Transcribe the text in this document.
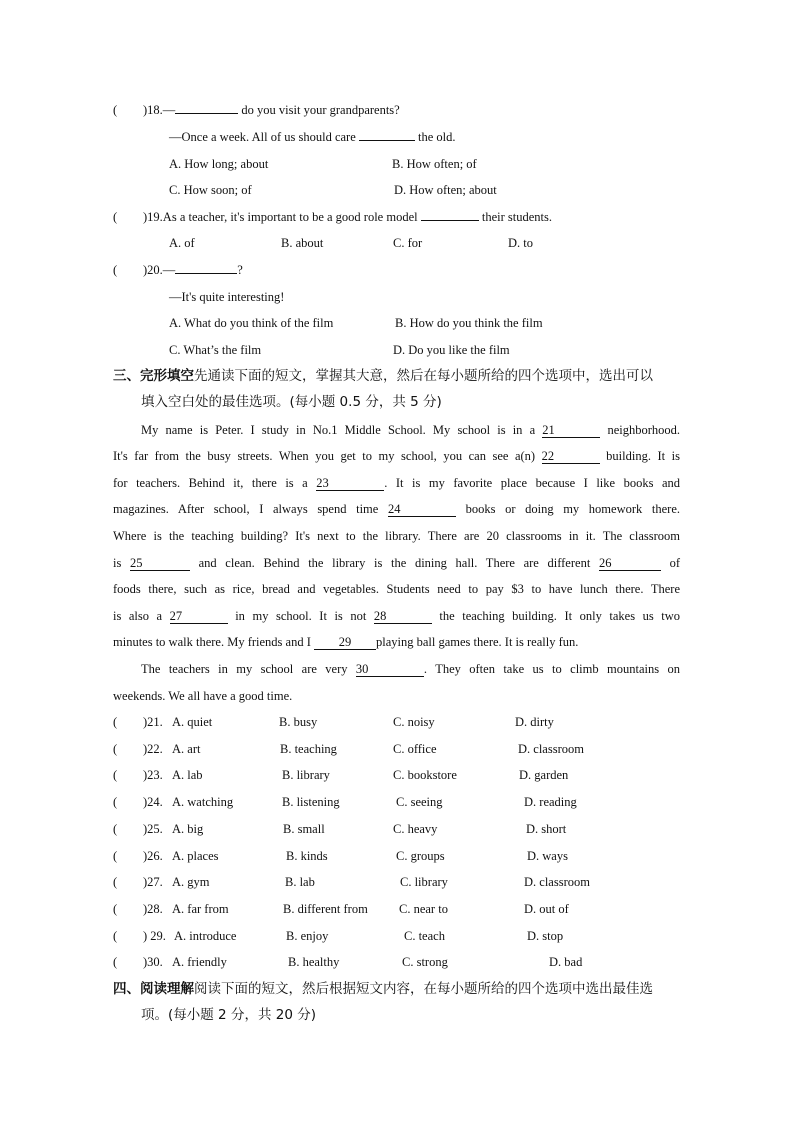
( )18.—	do you visit your grandparents?
—Once a week. All of us should care	the old.
A. How long; about	B. How often; of
C. How soon; of	D. How often; about
( )19.As a teacher, it's important to be a good role model	their students.
A. of	B. about	C. for	D. to
( )20.—	?
—It's quite interesting!
A. What do you think of the film	B. How do you think the film
C. What’s the film	D. Do you like the film
三、完形填空先通读下面的短文，掌握其大意，然后在每小题所给的四个选项中，选出可以
填入空白处的最佳选项。(每小题 0.5 分，共 5 分)
My name is Peter. I study in No.1 Middle School. My school is in a 21	neighborhood.
It's far from the busy streets. When you get to my school, you can see a(n) 22	building. It is
for teachers. Behind it, there is a 23	. It is my favorite place because I like books and
magazines. After school, I always spend time 24	books or doing my homework there.
Where is the teaching building? It's next to the library. There are 20 classrooms in it. The classroom
is 25	and clean. Behind the library is the dining hall. There are different 26	of
foods there, such as rice, bread and vegetables. Students need to pay $3 to have lunch there. There
is also a 27	in my school. It is not 28	the teaching building. It only takes us two
minutes to walk there. My friends and I 29 playing ball games there. It is really fun.
The teachers in my school are very 30	. They often take us to climb mountains on
weekends. We all have a good time.
( )21. A. quiet	B. busy	C. noisy	D. dirty
( )22. A. art	B. teaching	C. office	D. classroom
( )23. A. lab	B. library	C. bookstore	D. garden
( )24. A. watching	B. listening	C. seeing	D. reading
( )25. A. big	B. small	C. heavy	D. short
( )26. A. places	B. kinds	C. groups	D. ways
( )27. A. gym	B. lab	C. library	D. classroom
( )28. A. far from	B. different from C. near to	D. out of
( ) 29. A. introduce	B. enjoy	C. teach	D. stop
( )30. A. friendly	B. healthy	C. strong	D. bad
四、阅读理解阅读下面的短文，然后根据短文内容，在每小题所给的四个选项中选出最佳选
项。(每小题 2 分，共 20 分)
